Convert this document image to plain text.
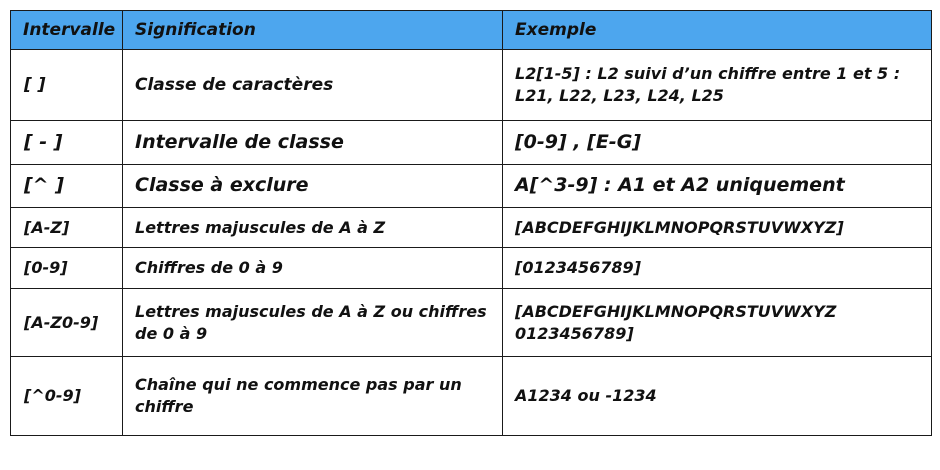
Intervalle	Signification	Exemple
[ ]	Classe de caractères	L2[1-5] : L2 suivi d’un chiffre entre 1 et 5 : L21, L22, L23, L24, L25
[ - ]	Intervalle de classe	[0-9] , [E-G]
[^ ]	Classe à exclure	A[^3-9] : A1 et A2 uniquement
[A-Z]	Lettres majuscules de A à Z	[ABCDEFGHIJKLMNOPQRSTUVWXYZ]
[0-9]	Chiffres de 0 à 9	[0123456789]
[A-Z0-9]	Lettres majuscules de A à Z ou chiffres de 0 à 9	[ABCDEFGHIJKLMNOPQRSTUVWXYZ 0123456789]
[^0-9]	Chaîne qui ne commence pas par un chiffre	A1234 ou -1234
